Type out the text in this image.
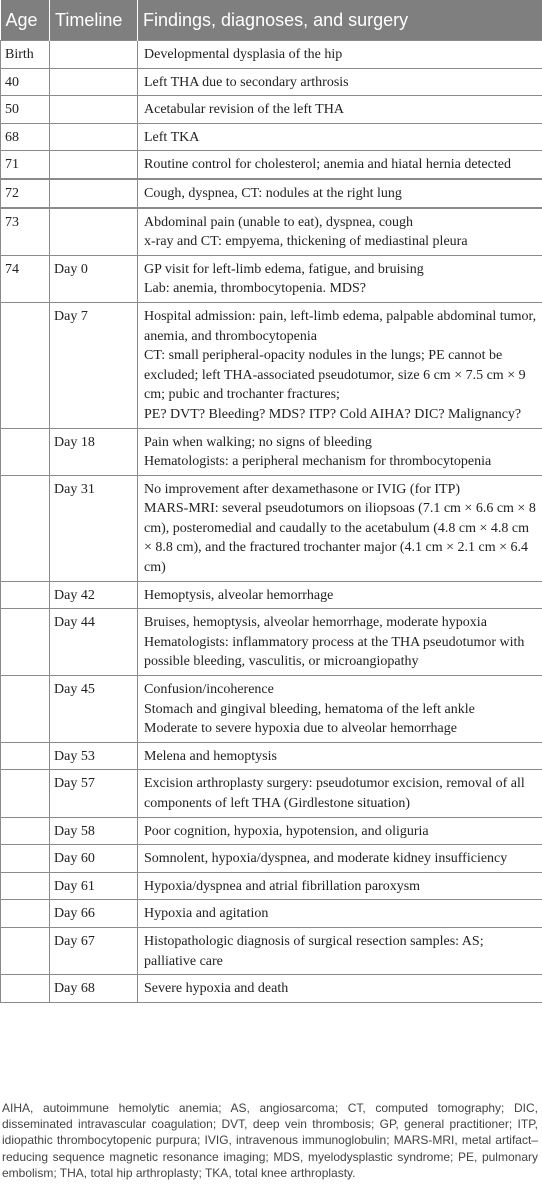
Age	Timeline	Findings, diagnoses, and surgery
Birth		Developmental dysplasia of the hip

40		Left THA due to secondary arthrosis

50		Acetabular revision of the left THA

68		Left TKA

71		Routine control for cholesterol; anemia and hiatal hernia detected

72		Cough, dyspnea, CT: nodules at the right lung

73		Abdominal pain (unable to eat), dyspnea, cough
x-ray and CT: empyema, thickening of mediastinal pleura

74	Day 0	GP visit for left-limb edema, fatigue, and bruising
Lab: anemia, thrombocytopenia. MDS?

	Day 7	Hospital admission: pain, left-limb edema, palpable abdominal tumor, anemia, and thrombocytopenia
CT: small peripheral-opacity nodules in the lungs; PE cannot be excluded; left THA-associated pseudotumor, size 6 cm × 7.5 cm × 9 cm; pubic and trochanter fractures;
PE? DVT? Bleeding? MDS? ITP? Cold AIHA? DIC? Malignancy?

	Day 18	Pain when walking; no signs of bleeding
Hematologists: a peripheral mechanism for thrombocytopenia

	Day 31	No improvement after dexamethasone or IVIG (for ITP)
MARS-MRI: several pseudotumors on iliopsoas (7.1 cm × 6.6 cm × 8 cm), posteromedial and caudally to the acetabulum (4.8 cm × 4.8 cm × 8.8 cm), and the fractured trochanter major (4.1 cm × 2.1 cm × 6.4 cm)

	Day 42	Hemoptysis, alveolar hemorrhage

	Day 44	Bruises, hemoptysis, alveolar hemorrhage, moderate hypoxia
Hematologists: inflammatory process at the THA pseudotumor with possible bleeding, vasculitis, or microangiopathy

	Day 45	Confusion/incoherence
Stomach and gingival bleeding, hematoma of the left ankle
Moderate to severe hypoxia due to alveolar hemorrhage

	Day 53	Melena and hemoptysis

	Day 57	Excision arthroplasty surgery: pseudotumor excision, removal of all components of left THA (Girdlestone situation)

	Day 58	Poor cognition, hypoxia, hypotension, and oliguria

	Day 60	Somnolent, hypoxia/dyspnea, and moderate kidney insufficiency

	Day 61	Hypoxia/dyspnea and atrial fibrillation paroxysm

	Day 66	Hypoxia and agitation

	Day 67	Histopathologic diagnosis of surgical resection samples: AS; palliative care

	Day 68	Severe hypoxia and death
AIHA, autoimmune hemolytic anemia; AS, angiosarcoma; CT, computed tomography; DIC, disseminated intravascular coagulation; DVT, deep vein thrombosis; GP, general practitioner; ITP, idiopathic thrombocytopenic purpura; IVIG, intravenous immunoglobulin; MARS-MRI, metal artifact–reducing sequence magnetic resonance imaging; MDS, myelodysplastic syndrome; PE, pulmonary embolism; THA, total hip arthroplasty; TKA, total knee arthroplasty.
